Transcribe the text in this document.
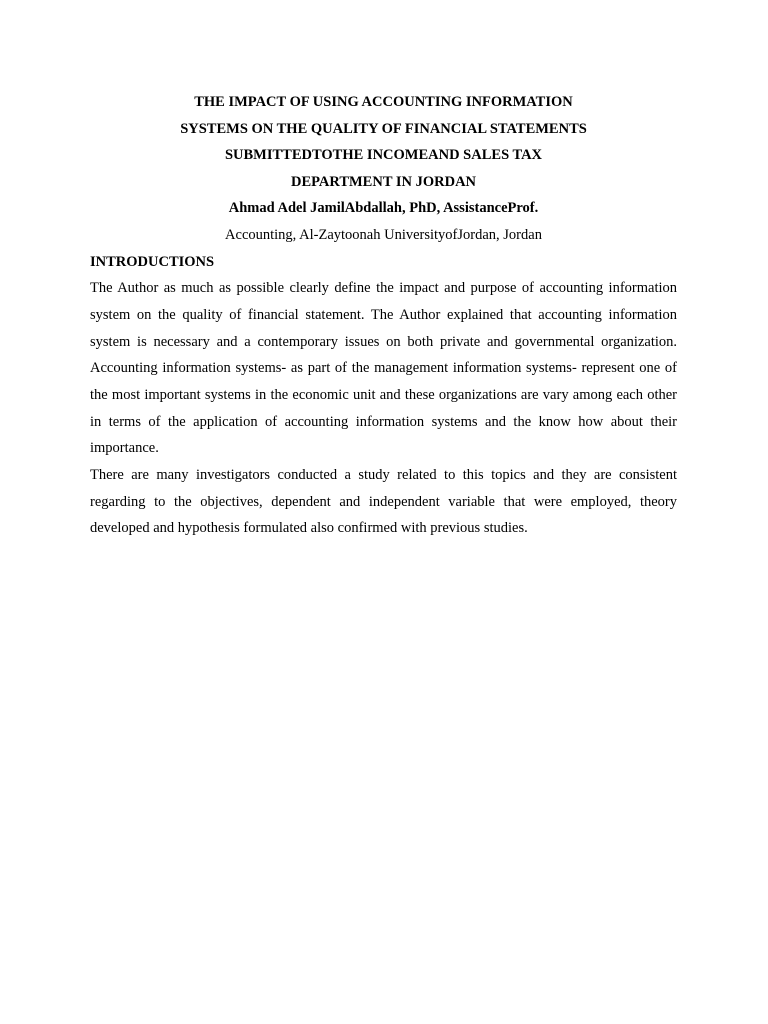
THE IMPACT OF USING ACCOUNTING INFORMATION

SYSTEMS ON THE QUALITY OF FINANCIAL STATEMENTS

SUBMITTEDTOTHE INCOMEAND SALES TAX

DEPARTMENT IN JORDAN

Ahmad Adel JamilAbdallah, PhD, AssistanceProf.

Accounting, Al-Zaytoonah UniversityofJordan, Jordan

INTRODUCTIONS

The Author as much as possible clearly define the impact and purpose of accounting information system on the quality of financial statement. The Author explained that accounting information system is necessary and a contemporary issues on both private and governmental organization. Accounting information systems- as part of the management information systems- represent one of the most important systems in the economic unit and these organizations are vary among each other in terms of the application of accounting information systems and the know how about their importance.

There are many investigators conducted a study related to this topics and they are consistent regarding to the objectives, dependent and independent variable that were employed, theory developed and hypothesis formulated also confirmed with previous studies.
